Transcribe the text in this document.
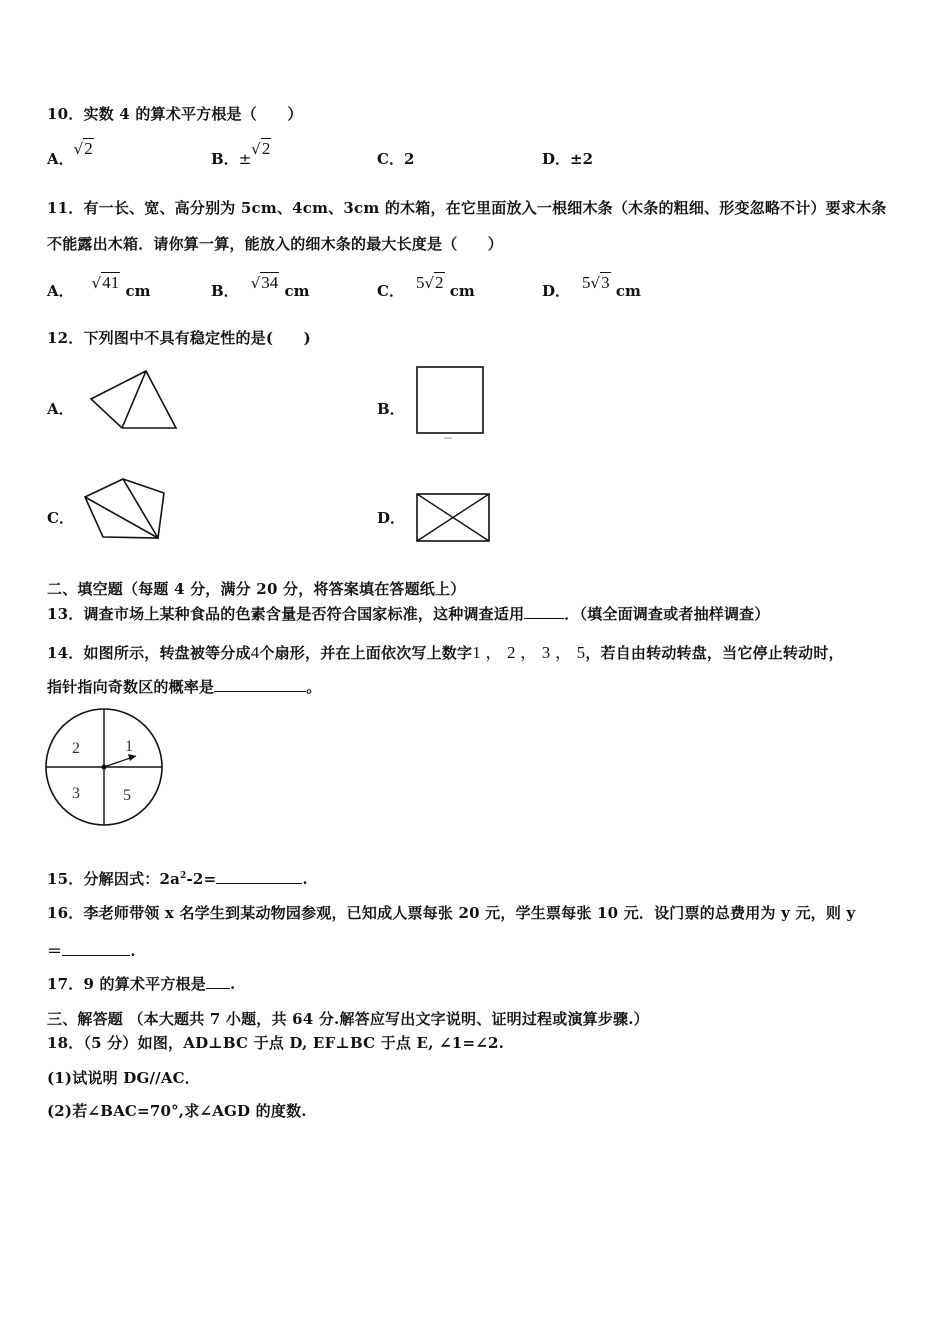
10．实数 4 的算术平方根是（　　）
A．√2
B．±√2
C．2	D．±2
11．有一长、宽、高分别为 5cm、4cm、3cm 的木箱，在它里面放入一根细木条（木条的粗细、形变忽略不计）要求木条
不能露出木箱．请你算一算，能放入的细木条的最大长度是（　　）
A． √41 cm	B． √34 cm	C． 5√2 cm	D． 5√3 cm
12．下列图中不具有稳定性的是(　　)
A．	B．
C．	D．
二、填空题（每题 4 分，满分 20 分，将答案填在答题纸上）
13．调查市场上某种食品的色素含量是否符合国家标准，这种调查适用	．（填全面调查或者抽样调查）
14．如图所示，转盘被等分成4个扇形，并在上面依次写上数字1 ， 2 ， 3 ， 5，若自由转动转盘，当它停止转动时，
指针指向奇数区的概率是	。
2	1
3	5
15．分解因式：$2a^2-2=$	.
16．李老师带领 x 名学生到某动物园参观，已知成人票每张 20 元，学生票每张 10 元．设门票的总费用为 y 元，则 y
＝	.
17．9 的算术平方根是 .
三、解答题 （本大题共 7 小题，共 64 分.解答应写出文字说明、证明过程或演算步骤.）
18．（5 分）如图，AD⊥BC 于点 D, EF⊥BC 于点 E, ∠1=∠2.
(1)试说明 DG//AC．
(2)若∠BAC=70°,求∠AGD 的度数.
